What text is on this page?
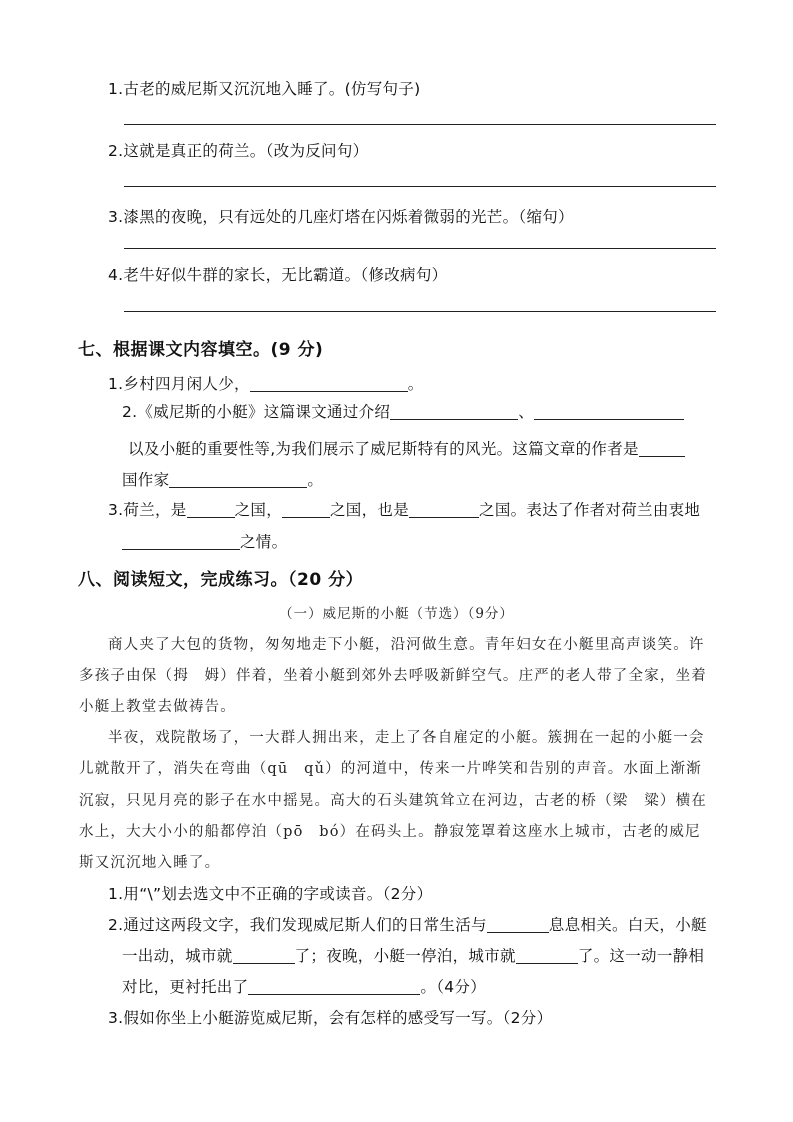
1.古老的威尼斯又沉沉地入睡了。(仿写句子)
2.这就是真正的荷兰。（改为反问句）
3.漆黑的夜晚，只有远处的几座灯塔在闪烁着微弱的光芒。（缩句）
4.老牛好似牛群的家长，无比霸道。（修改病句）
七、根据课文内容填空。(9 分)
1.乡村四月闲人少，	。
2.《威尼斯的小艇》这篇课文通过介绍	、
以及小艇的重要性等,为我们展示了威尼斯特有的风光。这篇文章的作者是
国作家	。
3.荷兰，是	之国，	之国，也是	之国。表达了作者对荷兰由衷地
之情。
八、阅读短文，完成练习。（20 分）
（一）威尼斯的小艇（节选）（9分）
商人夹了大包的货物，匆匆地走下小艇，沿河做生意。青年妇女在小艇里高声谈笑。许
多孩子由保（拇　姆）伴着，坐着小艇到郊外去呼吸新鲜空气。庄严的老人带了全家，坐着
小艇上教堂去做祷告。
半夜，戏院散场了，一大群人拥出来，走上了各自雇定的小艇。簇拥在一起的小艇一会
儿就散开了，消失在弯曲（qū　qǔ）的河道中，传来一片哗笑和告别的声音。水面上渐渐
沉寂，只见月亮的影子在水中摇晃。高大的石头建筑耸立在河边，古老的桥（梁　粱）横在
水上，大大小小的船都停泊（pō　bó）在码头上。静寂笼罩着这座水上城市，古老的威尼
斯又沉沉地入睡了。
1.用“\”划去选文中不正确的字或读音。（2分）
2.通过这两段文字，我们发现威尼斯人们的日常生活与	息息相关。白天，小艇
一出动，城市就	了；夜晚，小艇一停泊，城市就	了。这一动一静相
对比，更衬托出了	。（4分）
3.假如你坐上小艇游览威尼斯，会有怎样的感受写一写。（2分）
